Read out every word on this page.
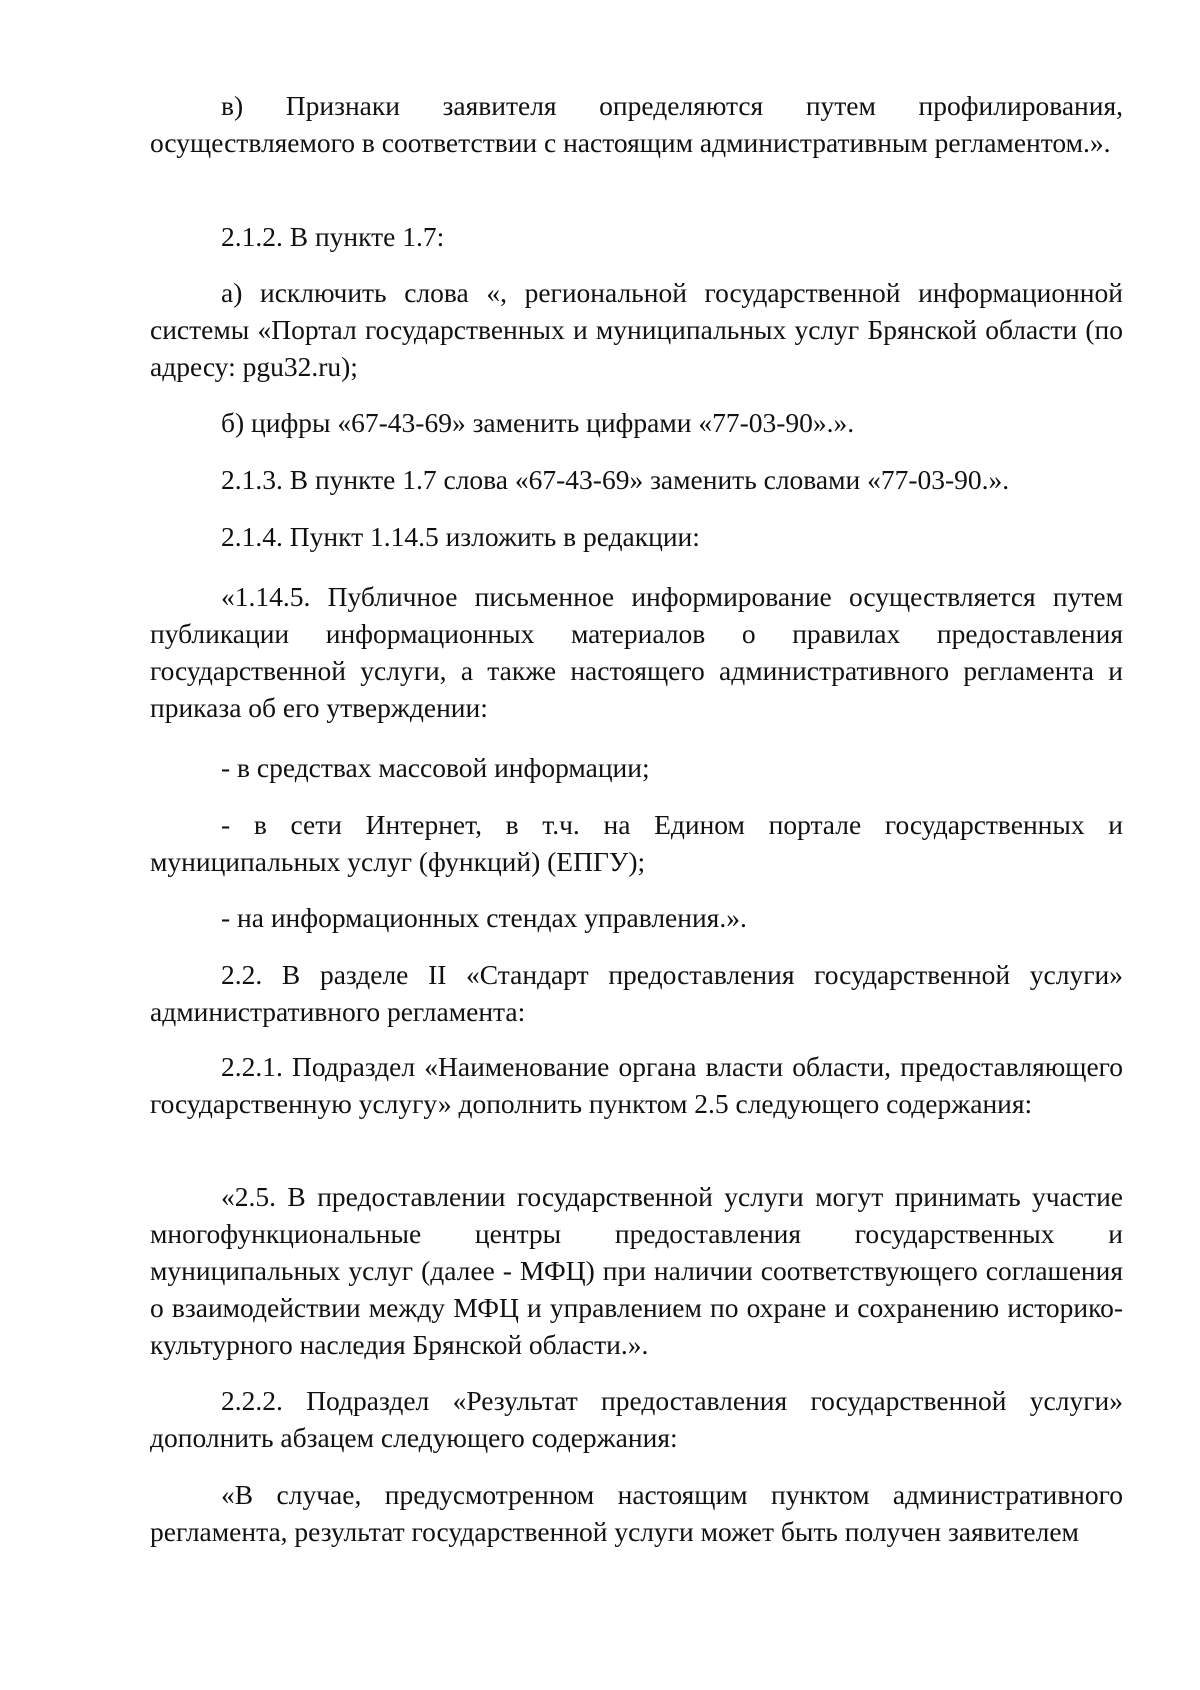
в) Признаки заявителя определяются путем профилирования, осуществляемого в соответствии с настоящим административным регламентом.».

2.1.2. В пункте 1.7:

а) исключить слова «, региональной государственной информационной системы «Портал государственных и муниципальных услуг Брянской области (по адресу: pgu32.ru);

б) цифры «67-43-69» заменить цифрами «77-03-90».».

2.1.3. В пункте 1.7 слова «67-43-69» заменить словами «77-03-90.».

2.1.4. Пункт 1.14.5 изложить в редакции:

«1.14.5. Публичное письменное информирование осуществляется путем публикации информационных материалов о правилах предоставления государственной услуги, а также настоящего административного регламента и приказа об его утверждении:

- в средствах массовой информации;

- в сети Интернет, в т.ч. на Едином портале государственных и муниципальных услуг (функций) (ЕПГУ);

- на информационных стендах управления.».

2.2. В разделе II «Стандарт предоставления государственной услуги» административного регламента:

2.2.1. Подраздел «Наименование органа власти области, предоставляющего государственную услугу» дополнить пунктом 2.5 следующего содержания:

«2.5. В предоставлении государственной услуги могут принимать участие многофункциональные центры предоставления государственных и муниципальных услуг (далее - МФЦ) при наличии соответствующего соглашения о взаимодействии между МФЦ и управлением по охране и сохранению историко-культурного наследия Брянской области.».

2.2.2. Подраздел «Результат предоставления государственной услуги» дополнить абзацем следующего содержания:

«В случае, предусмотренном настоящим пунктом административного регламента, результат государственной услуги может быть получен заявителем
